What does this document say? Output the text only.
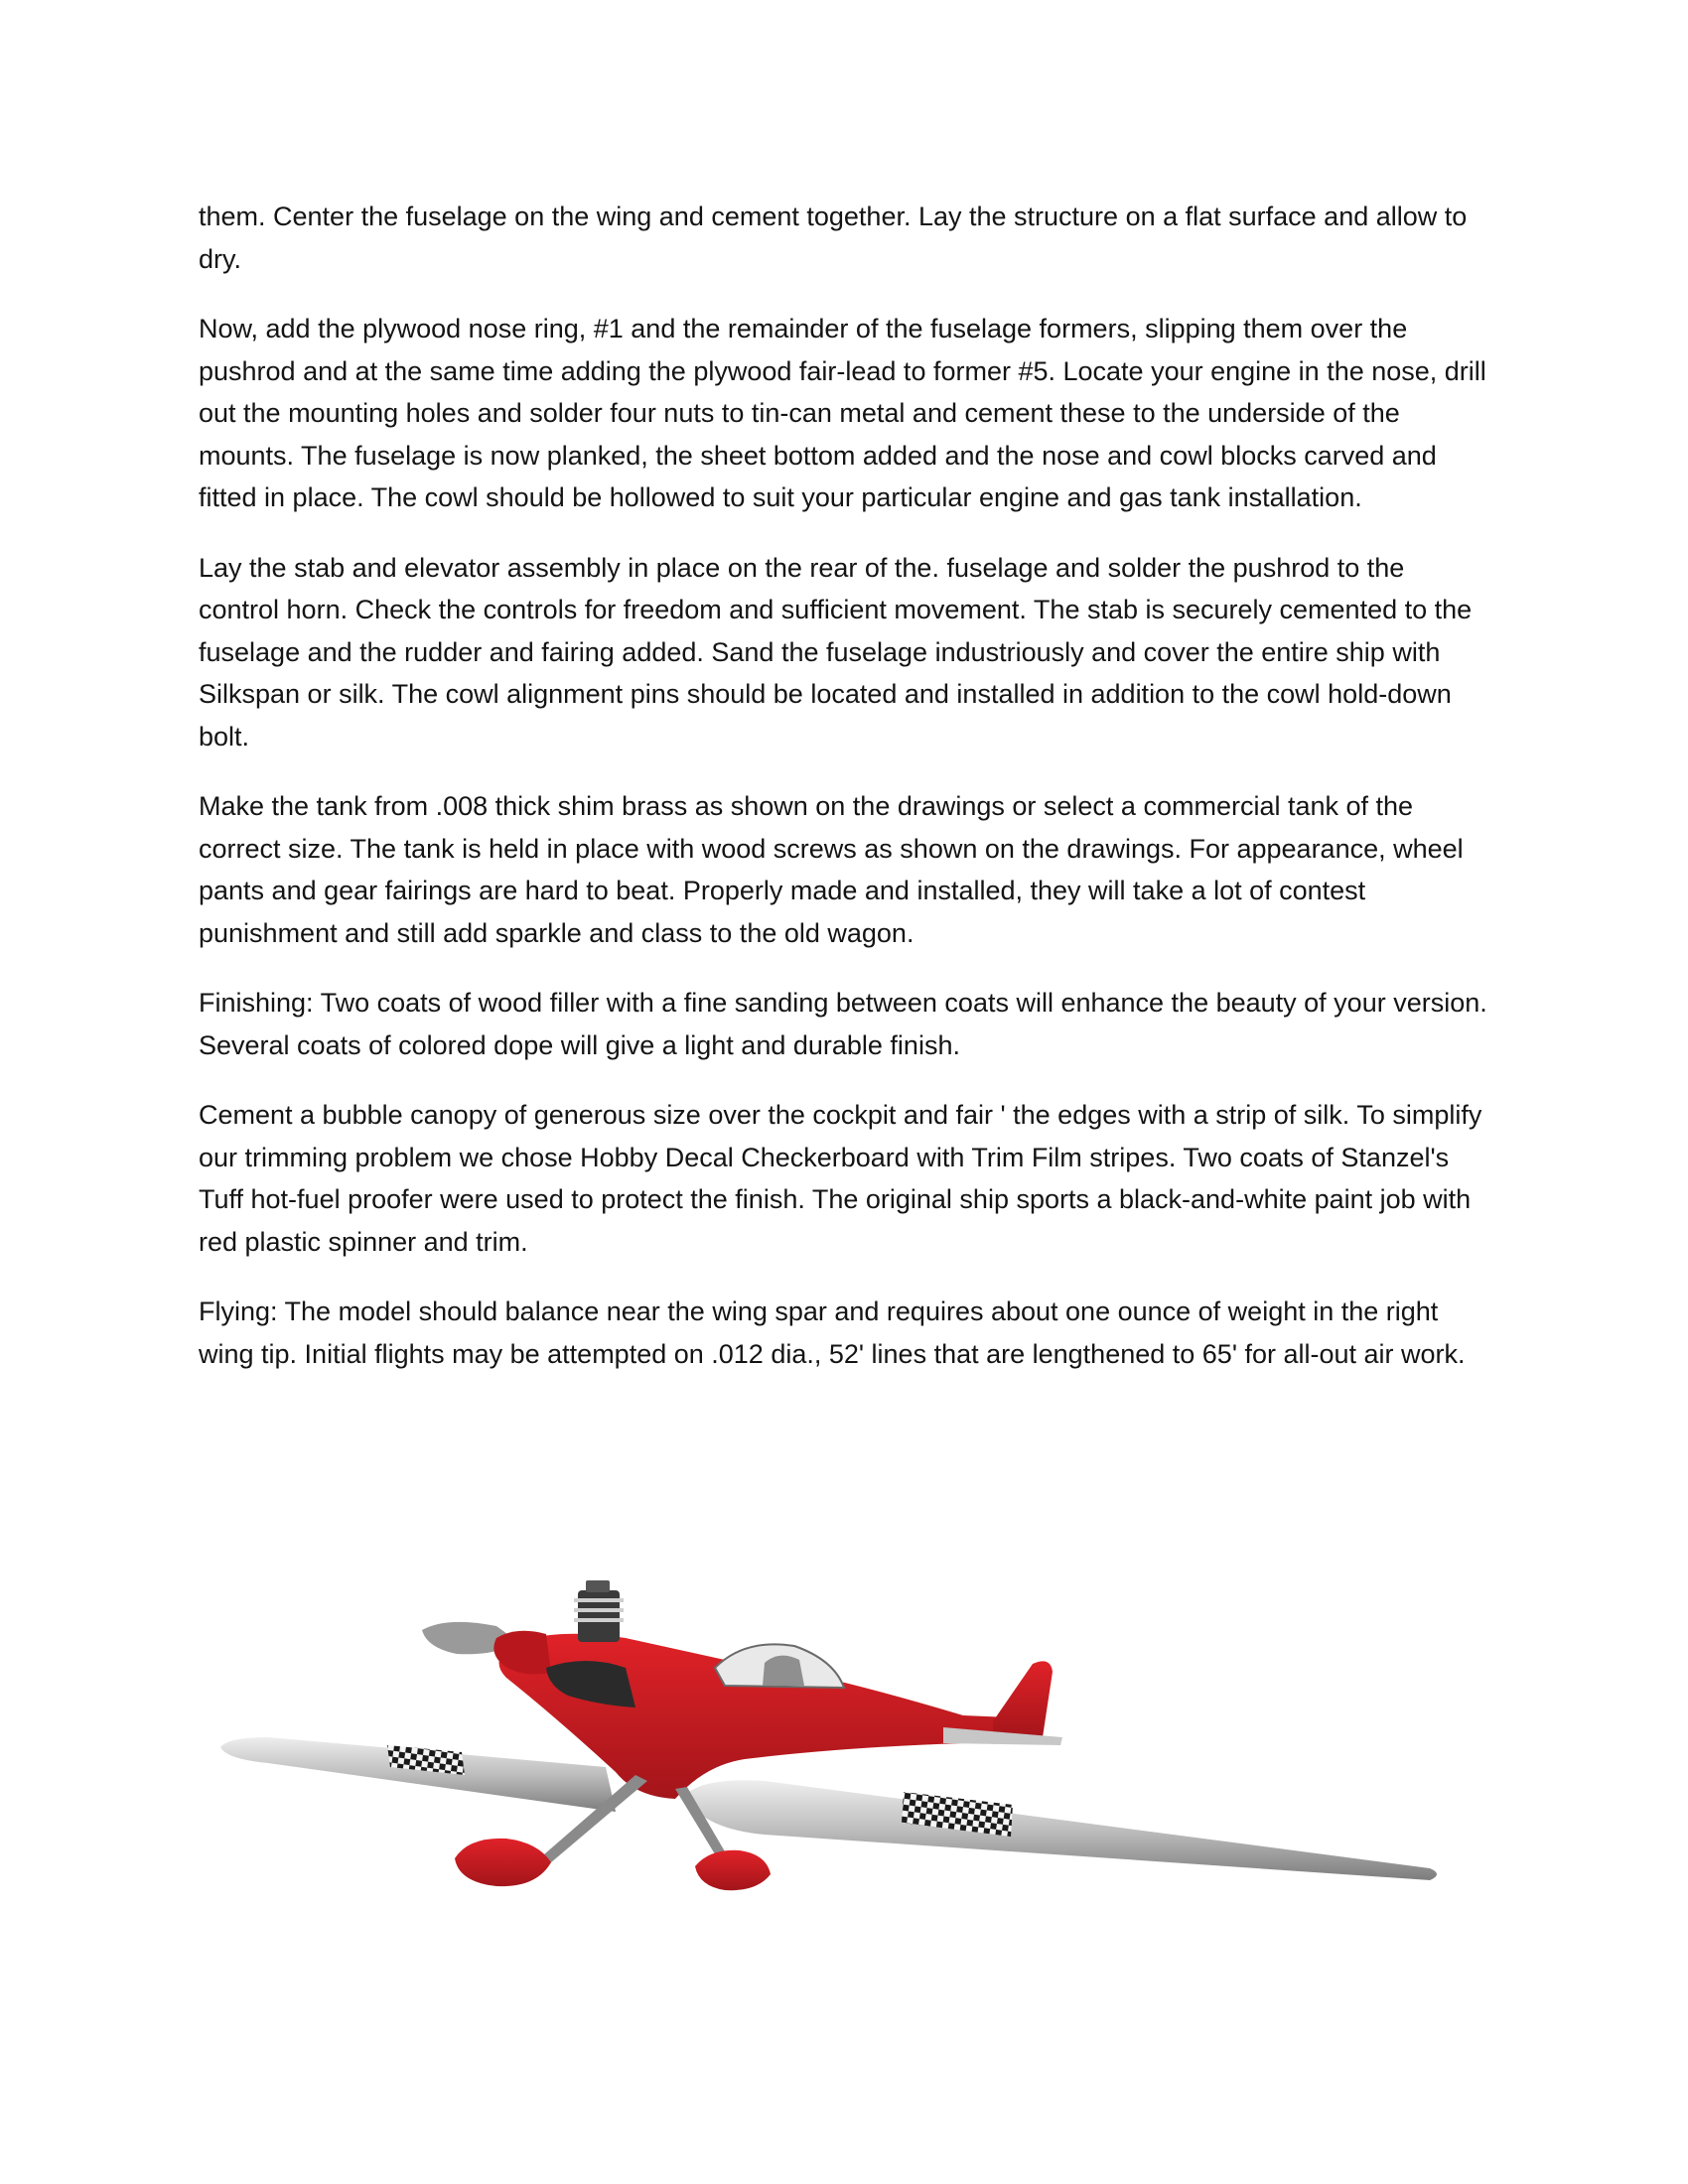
them. Center the fuselage on the wing and cement together. Lay the structure on a flat surface and allow to dry.

Now, add the plywood nose ring, #1 and the remainder of the fuselage formers, slipping them over the pushrod and at the same time adding the plywood fair-lead to former #5. Locate your engine in the nose, drill out the mounting holes and solder four nuts to tin-can metal and cement these to the underside of the mounts. The fuselage is now planked, the sheet bottom added and the nose and cowl blocks carved and fitted in place. The cowl should be hollowed to suit your particular engine and gas tank installation.

Lay the stab and elevator assembly in place on the rear of the. fuselage and solder the pushrod to the control horn. Check the controls for freedom and sufficient movement. The stab is securely cemented to the fuselage and the rudder and fairing added. Sand the fuselage industriously and cover the entire ship with Silkspan or silk. The cowl alignment pins should be located and installed in addition to the cowl hold-down bolt.

Make the tank from .008 thick shim brass as shown on the drawings or select a commercial tank of the correct size. The tank is held in place with wood screws as shown on the drawings. For appearance, wheel pants and gear fairings are hard to beat. Properly made and installed, they will take a lot of contest punishment and still add sparkle and class to the old wagon.

Finishing: Two coats of wood filler with a fine sanding between coats will enhance the beauty of your version. Several coats of colored dope will give a light and durable finish.

Cement a bubble canopy of generous size over the cockpit and fair ' the edges with a strip of silk. To simplify our trimming problem we chose Hobby Decal Checkerboard with Trim Film stripes. Two coats of Stanzel's Tuff hot-fuel proofer were used to protect the finish. The original ship sports a black-and-white paint job with red plastic spinner and trim.

Flying: The model should balance near the wing spar and requires about one ounce of weight in the right wing tip. Initial flights may be attempted on .012 dia., 52' lines that are lengthened to 65' for all-out air work.
